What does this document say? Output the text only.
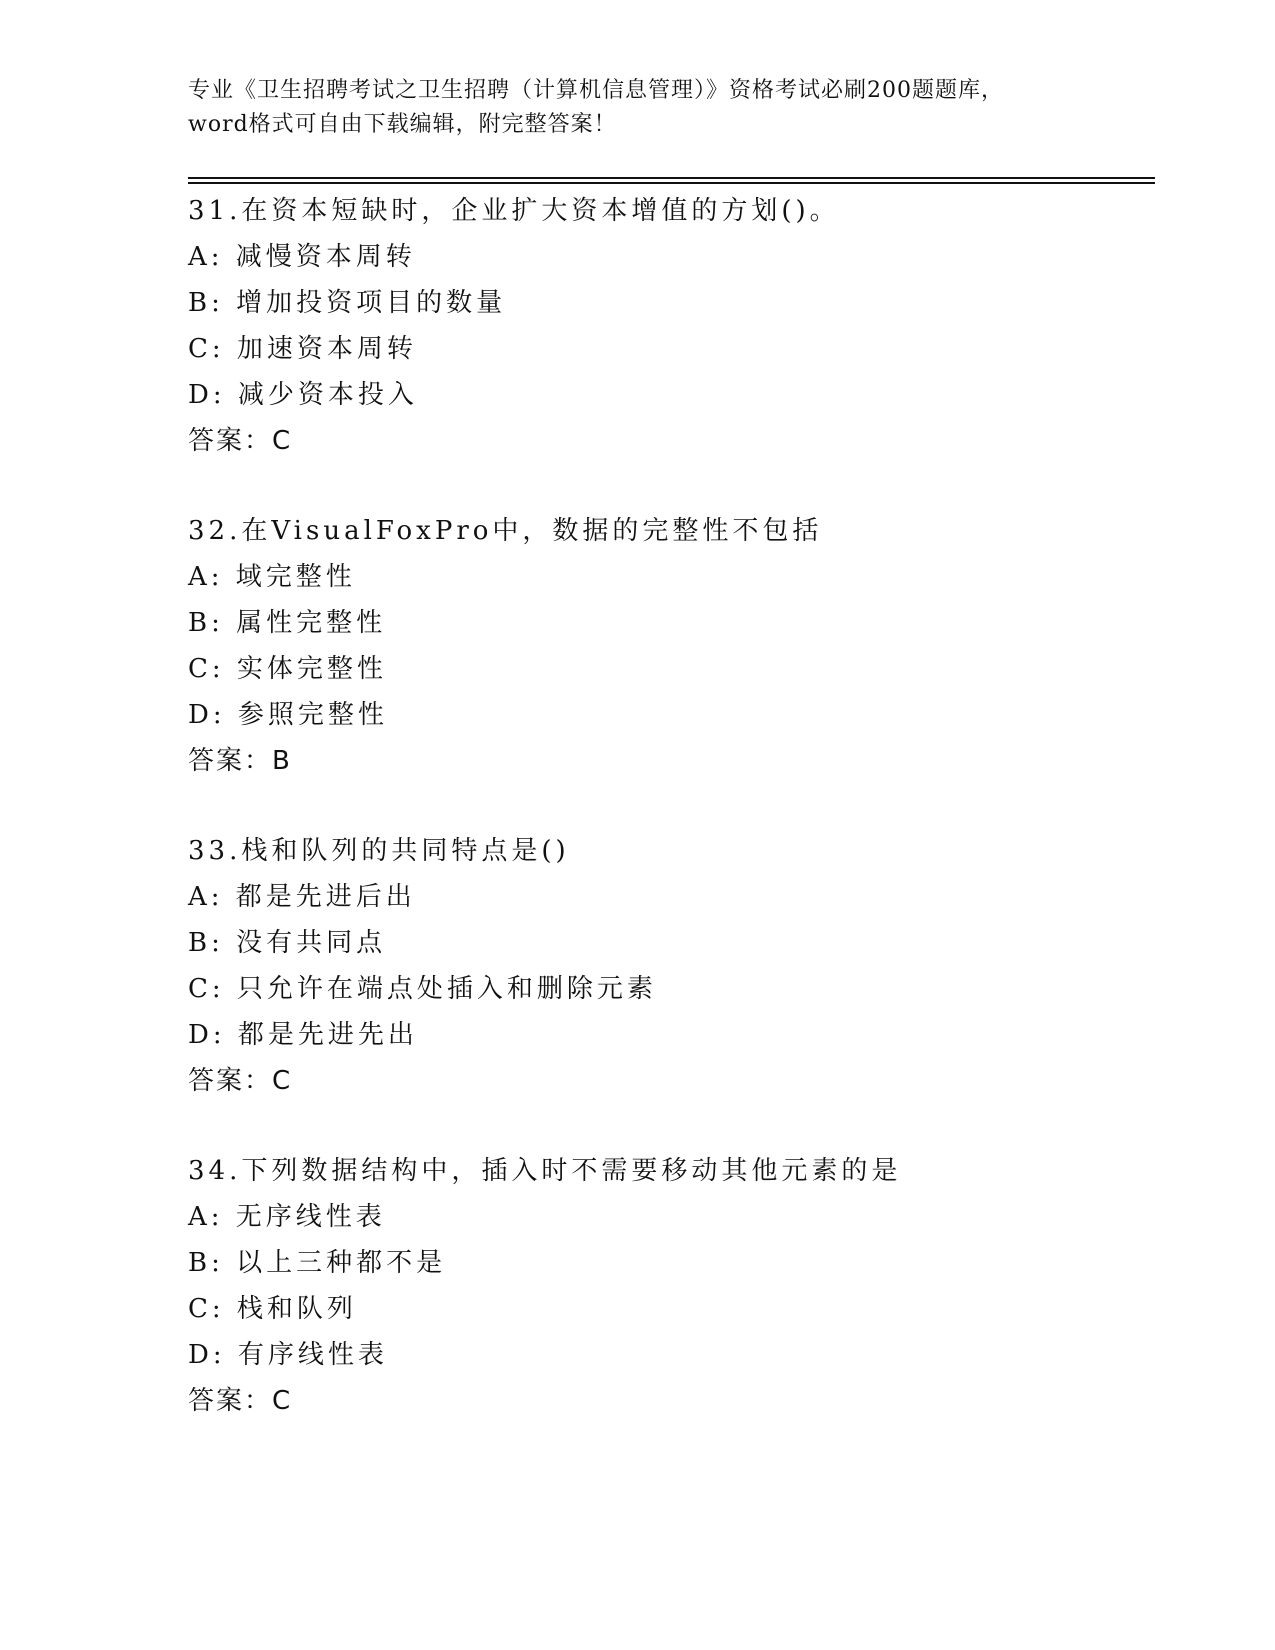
专业《卫生招聘考试之卫生招聘（计算机信息管理）》资格考试必刷200题题库，
word格式可自由下载编辑，附完整答案！
31.在资本短缺时，企业扩大资本增值的方划()。
A: 减慢资本周转
B: 增加投资项目的数量
C: 加速资本周转
D: 减少资本投入
答案：C
32.在VisualFoxPro中，数据的完整性不包括
A: 域完整性
B: 属性完整性
C: 实体完整性
D: 参照完整性
答案：B
33.栈和队列的共同特点是()
A: 都是先进后出
B: 没有共同点
C: 只允许在端点处插入和删除元素
D: 都是先进先出
答案：C
34.下列数据结构中，插入时不需要移动其他元素的是
A: 无序线性表
B: 以上三种都不是
C: 栈和队列
D: 有序线性表
答案：C
